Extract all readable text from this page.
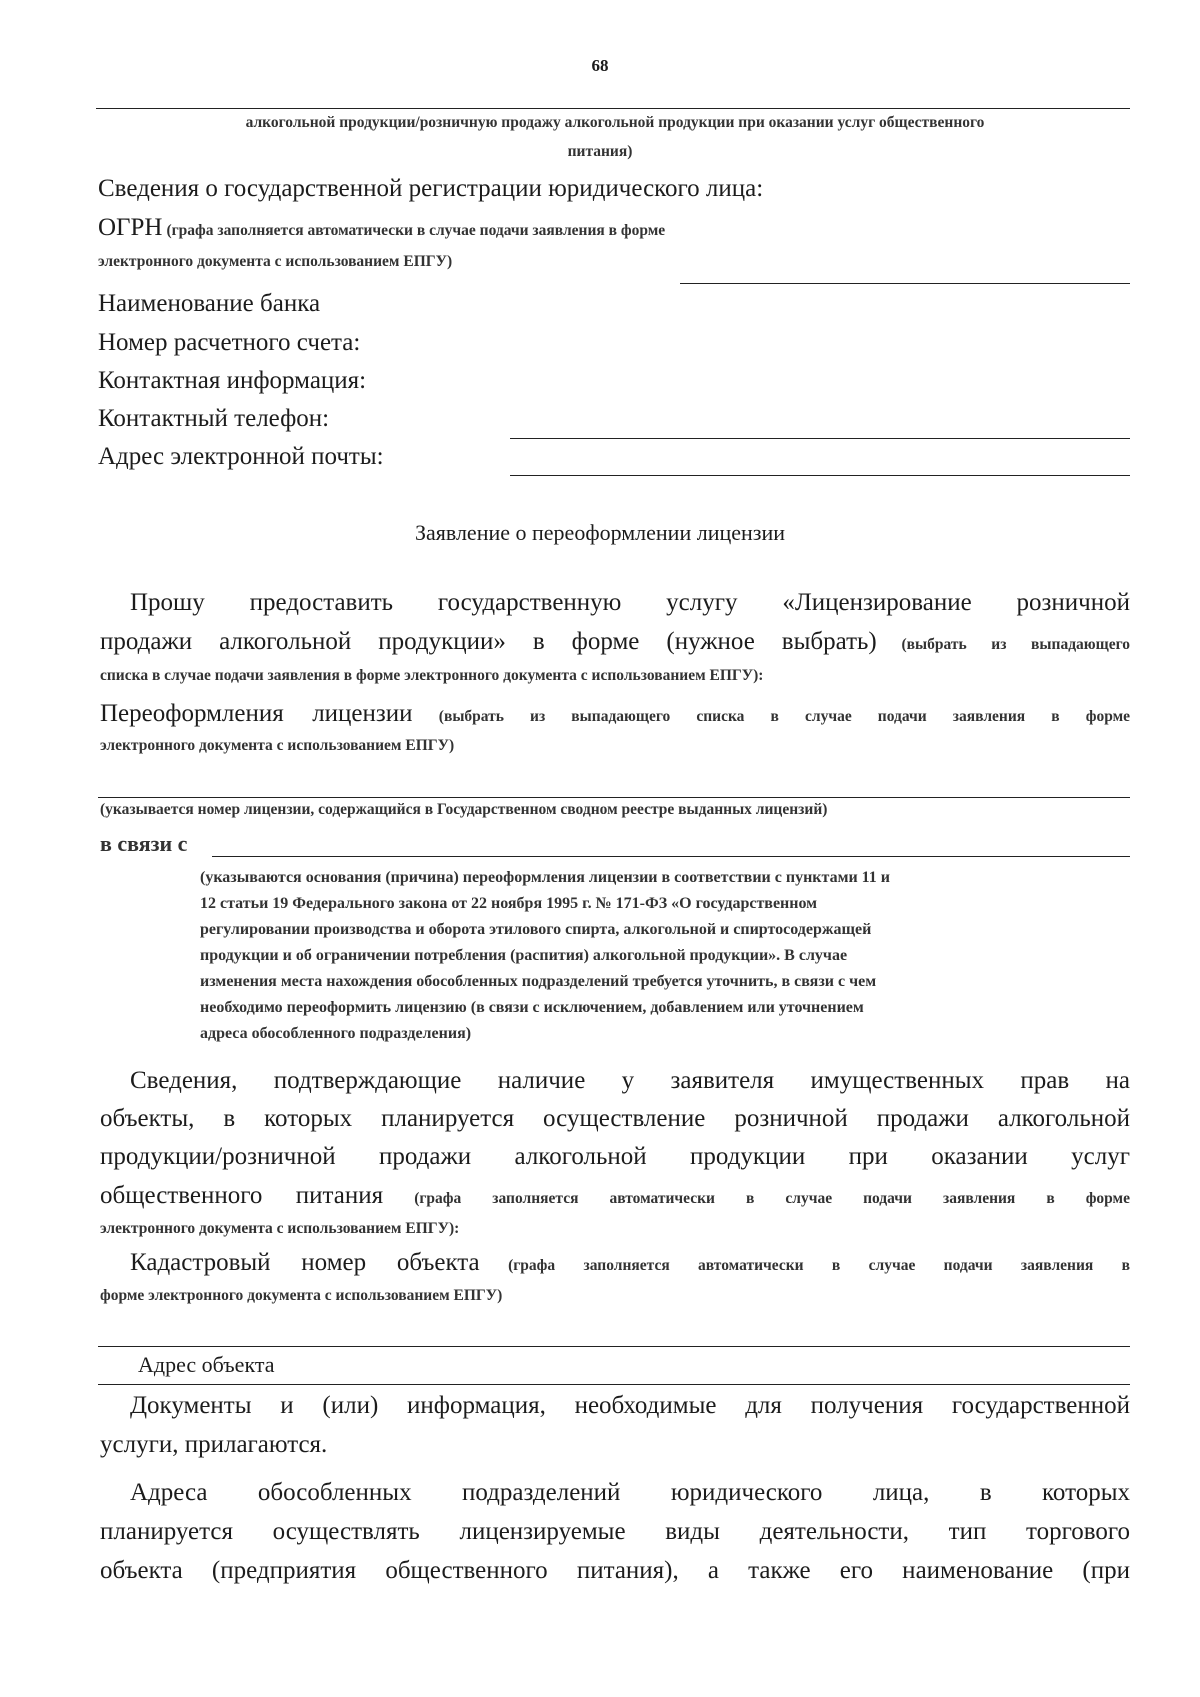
68
алкогольной продукции/розничную продажу алкогольной продукции при оказании услуг общественного
питания)
Сведения о государственной регистрации юридического лица:
ОГРН (графа заполняется автоматически в случае подачи заявления в форме
электронного документа с использованием ЕПГУ)
Наименование банка
Номер расчетного счета:
Контактная информация:
Контактный телефон:
Адрес электронной почты:
Заявление о переоформлении лицензии
Прошу предоставить государственную услугу «Лицензирование розничной
продажи алкогольной продукции» в форме (нужное выбрать) (выбрать из выпадающего
списка в случае подачи заявления в форме электронного документа с использованием ЕПГУ):
Переоформления лицензии (выбрать из выпадающего списка в случае подачи заявления в форме
электронного документа с использованием ЕПГУ)
(указывается номер лицензии, содержащийся в Государственном сводном реестре выданных лицензий)
в связи с
(указываются основания (причина) переоформления лицензии в соответствии с пунктами 11 и
12 статьи 19 Федерального закона от 22 ноября 1995 г. № 171-ФЗ «О государственном
регулировании производства и оборота этилового спирта, алкогольной и спиртосодержащей
продукции и об ограничении потребления (распития) алкогольной продукции». В случае
изменения места нахождения обособленных подразделений требуется уточнить, в связи с чем
необходимо переоформить лицензию (в связи с исключением, добавлением или уточнением
адреса обособленного подразделения)
Сведения, подтверждающие наличие у заявителя имущественных прав на
объекты, в которых планируется осуществление розничной продажи алкогольной
продукции/розничной продажи алкогольной продукции при оказании услуг
общественного питания (графа заполняется автоматически в случае подачи заявления в форме
электронного документа с использованием ЕПГУ):
Кадастровый номер объекта (графа заполняется автоматически в случае подачи заявления в
форме электронного документа с использованием ЕПГУ)
Адрес объекта
Документы и (или) информация, необходимые для получения государственной
услуги, прилагаются.
Адреса обособленных подразделений юридического лица, в которых
планируется осуществлять лицензируемые виды деятельности, тип торгового
объекта (предприятия общественного питания), а также его наименование (при
